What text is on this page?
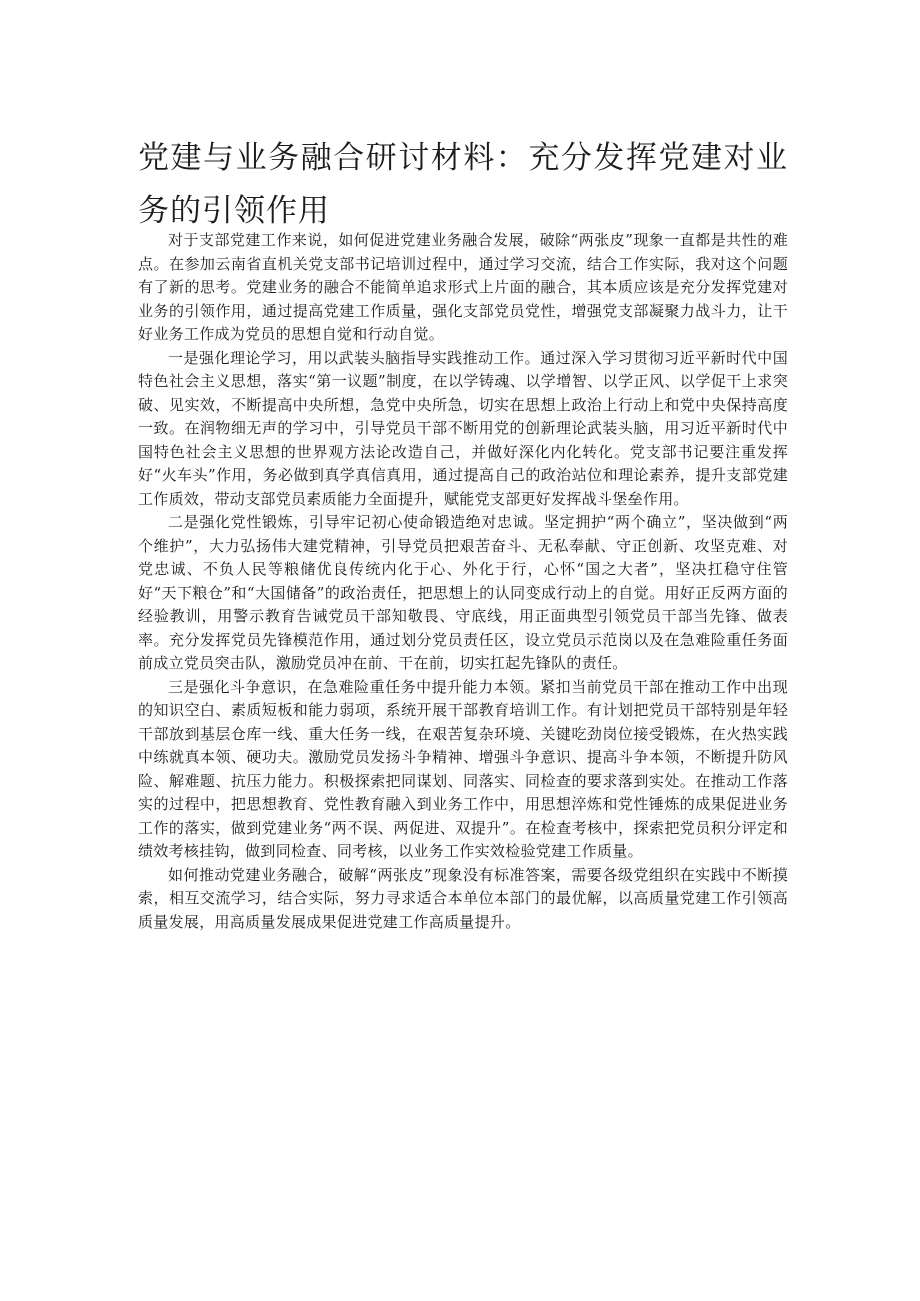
党建与业务融合研讨材料：充分发挥党建对业务的引领作用

对于支部党建工作来说，如何促进党建业务融合发展，破除“两张皮”现象一直都是共性的难点。在参加云南省直机关党支部书记培训过程中，通过学习交流，结合工作实际，我对这个问题有了新的思考。党建业务的融合不能简单追求形式上片面的融合，其本质应该是充分发挥党建对业务的引领作用，通过提高党建工作质量，强化支部党员党性，增强党支部凝聚力战斗力，让干好业务工作成为党员的思想自觉和行动自觉。

一是强化理论学习，用以武装头脑指导实践推动工作。通过深入学习贯彻习近平新时代中国特色社会主义思想，落实“第一议题”制度，在以学铸魂、以学增智、以学正风、以学促干上求突破、见实效，不断提高中央所想，急党中央所急，切实在思想上政治上行动上和党中央保持高度一致。在润物细无声的学习中，引导党员干部不断用党的创新理论武装头脑，用习近平新时代中国特色社会主义思想的世界观方法论改造自己，并做好深化内化转化。党支部书记要注重发挥好“火车头”作用，务必做到真学真信真用，通过提高自己的政治站位和理论素养，提升支部党建工作质效，带动支部党员素质能力全面提升，赋能党支部更好发挥战斗堡垒作用。

二是强化党性锻炼，引导牢记初心使命锻造绝对忠诚。坚定拥护“两个确立”，坚决做到“两个维护”，大力弘扬伟大建党精神，引导党员把艰苦奋斗、无私奉献、守正创新、攻坚克难、对党忠诚、不负人民等粮储优良传统内化于心、外化于行，心怀“国之大者”，坚决扛稳守住管好“天下粮仓”和“大国储备”的政治责任，把思想上的认同变成行动上的自觉。用好正反两方面的经验教训，用警示教育告诫党员干部知敬畏、守底线，用正面典型引领党员干部当先锋、做表率。充分发挥党员先锋模范作用，通过划分党员责任区，设立党员示范岗以及在急难险重任务面前成立党员突击队，激励党员冲在前、干在前，切实扛起先锋队的责任。

三是强化斗争意识，在急难险重任务中提升能力本领。紧扣当前党员干部在推动工作中出现的知识空白、素质短板和能力弱项，系统开展干部教育培训工作。有计划把党员干部特别是年轻干部放到基层仓库一线、重大任务一线，在艰苦复杂环境、关键吃劲岗位接受锻炼，在火热实践中练就真本领、硬功夫。激励党员发扬斗争精神、增强斗争意识、提高斗争本领，不断提升防风险、解难题、抗压力能力。积极探索把同谋划、同落实、同检查的要求落到实处。在推动工作落实的过程中，把思想教育、党性教育融入到业务工作中，用思想淬炼和党性锤炼的成果促进业务工作的落实，做到党建业务“两不误、两促进、双提升”。在检查考核中，探索把党员积分评定和绩效考核挂钩，做到同检查、同考核，以业务工作实效检验党建工作质量。

如何推动党建业务融合，破解“两张皮”现象没有标准答案，需要各级党组织在实践中不断摸索，相互交流学习，结合实际，努力寻求适合本单位本部门的最优解，以高质量党建工作引领高质量发展，用高质量发展成果促进党建工作高质量提升。
